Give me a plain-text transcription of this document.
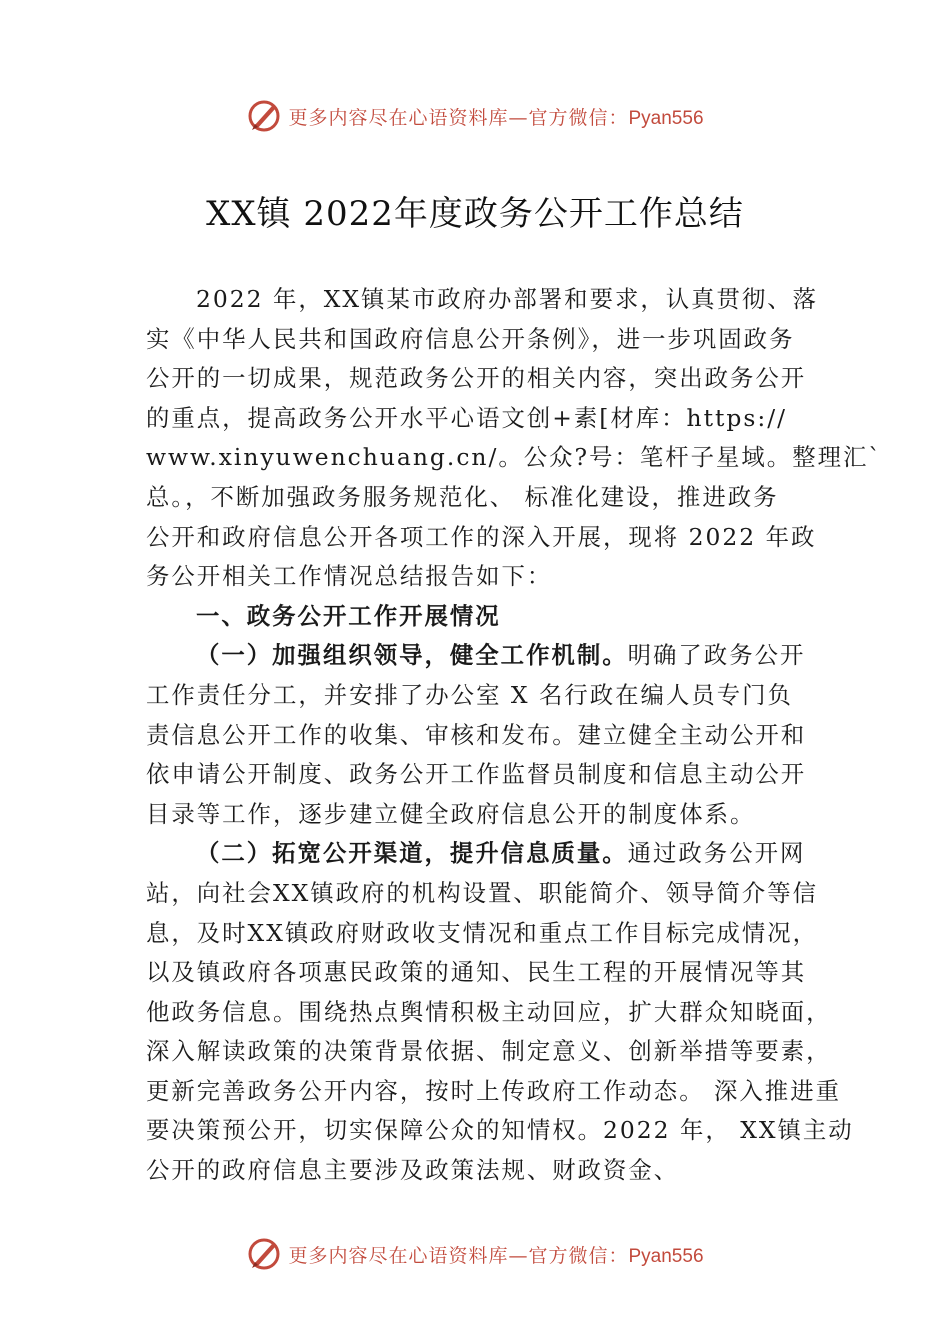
更多内容尽在心语资料库—官方微信：Pyan556
XX镇 2022年度政务公开工作总结
2022 年，XX镇某市政府办部署和要求，认真贯彻、落
实《中华人民共和国政府信息公开条例》，进一步巩固政务
公开的一切成果，规范政务公开的相关内容，突出政务公开
的重点，提高政务公开水平心语文创+素[材库：https://
www.xinyuwenchuang.cn/。公众?号：笔杆子星域。整理汇`
总。，不断加强政务服务规范化、 标准化建设，推进政务
公开和政府信息公开各项工作的深入开展，现将 2022 年政
务公开相关工作情况总结报告如下：
一、政务公开工作开展情况
（一）加强组织领导，健全工作机制。明确了政务公开
工作责任分工，并安排了办公室 X 名行政在编人员专门负
责信息公开工作的收集、审核和发布。建立健全主动公开和
依申请公开制度、政务公开工作监督员制度和信息主动公开
目录等工作，逐步建立健全政府信息公开的制度体系。
（二）拓宽公开渠道，提升信息质量。通过政务公开网
站，向社会XX镇政府的机构设置、职能简介、领导简介等信
息，及时XX镇政府财政收支情况和重点工作目标完成情况，
以及镇政府各项惠民政策的通知、民生工程的开展情况等其
他政务信息。围绕热点舆情积极主动回应，扩大群众知晓面，
深入解读政策的决策背景依据、制定意义、创新举措等要素，
更新完善政务公开内容，按时上传政府工作动态。 深入推进重
要决策预公开，切实保障公众的知情权。2022 年， XX镇主动
公开的政府信息主要涉及政策法规、财政资金、
更多内容尽在心语资料库—官方微信：Pyan556
